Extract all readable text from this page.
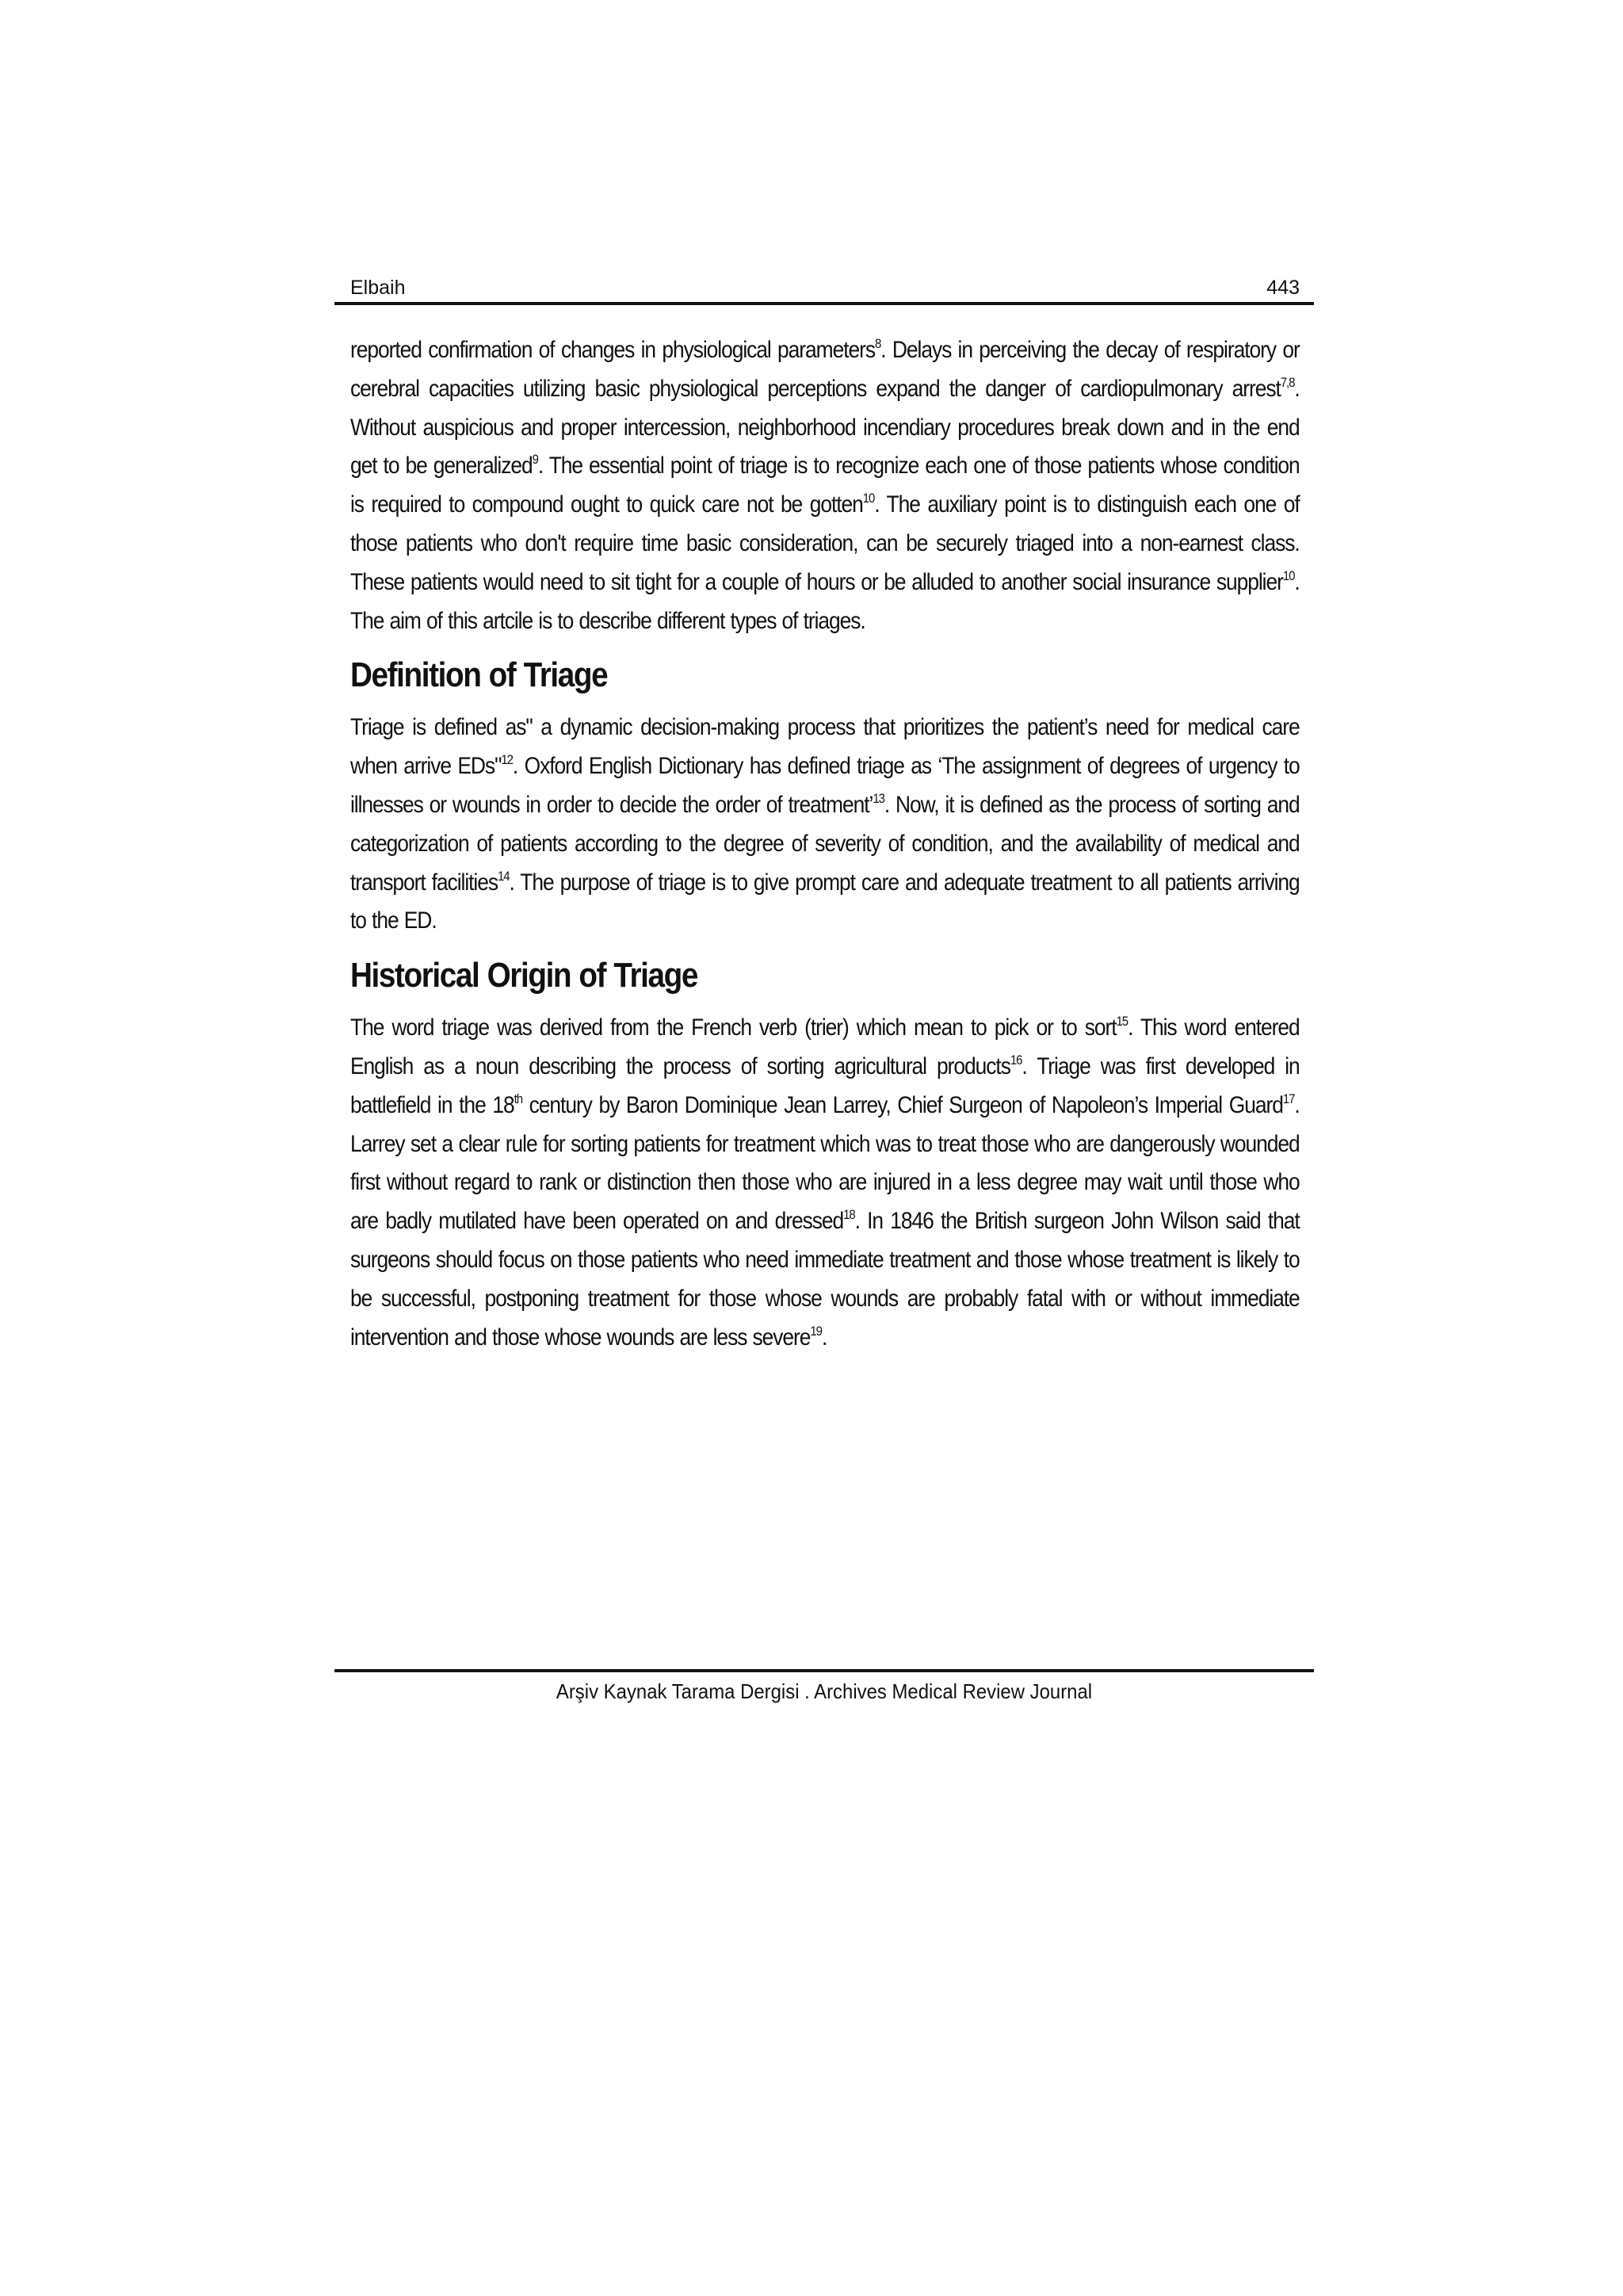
Elbaih	443

reported confirmation of changes in physiological parameters$^8$. Delays in perceiving the decay of respiratory or cerebral capacities utilizing basic physiological perceptions expand the danger of cardiopulmonary arrest$^{7,8}$. Without auspicious and proper intercession, neighborhood incendiary procedures break down and in the end get to be generalized$^9$. The essential point of triage is to recognize each one of those patients whose condition is required to compound ought to quick care not be gotten$^{10}$. The auxiliary point is to distinguish each one of those patients who don't require time basic consideration, can be securely triaged into a non-earnest class. These patients would need to sit tight for a couple of hours or be alluded to another social insurance supplier$^{10}$. The aim of this artcile is to describe different types of triages.

Definition of Triage

Triage is defined as" a dynamic decision-making process that prioritizes the patient’s need for medical care when arrive EDs"$^{12}$. Oxford English Dictionary has defined triage as ‘The assignment of degrees of urgency to illnesses or wounds in order to decide the order of treatment’$^{13}$. Now, it is defined as the process of sorting and categorization of patients according to the degree of severity of condition, and the availability of medical and transport facilities$^{14}$. The purpose of triage is to give prompt care and adequate treatment to all patients arriving to the ED.

Historical Origin of Triage

The word triage was derived from the French verb (trier) which mean to pick or to sort$^{15}$. This word entered English as a noun describing the process of sorting agricultural products$^{16}$. Triage was first developed in battlefield in the 18th century by Baron Dominique Jean Larrey, Chief Surgeon of Napoleon’s Imperial Guard$^{17}$. Larrey set a clear rule for sorting patients for treatment which was to treat those who are dangerously wounded first without regard to rank or distinction then those who are injured in a less degree may wait until those who are badly mutilated have been operated on and dressed$^{18}$. In 1846 the British surgeon John Wilson said that surgeons should focus on those patients who need immediate treatment and those whose treatment is likely to be successful, postponing treatment for those whose wounds are probably fatal with or without immediate intervention and those whose wounds are less severe$^{19}$.

Arşiv Kaynak Tarama Dergisi . Archives Medical Review Journal
